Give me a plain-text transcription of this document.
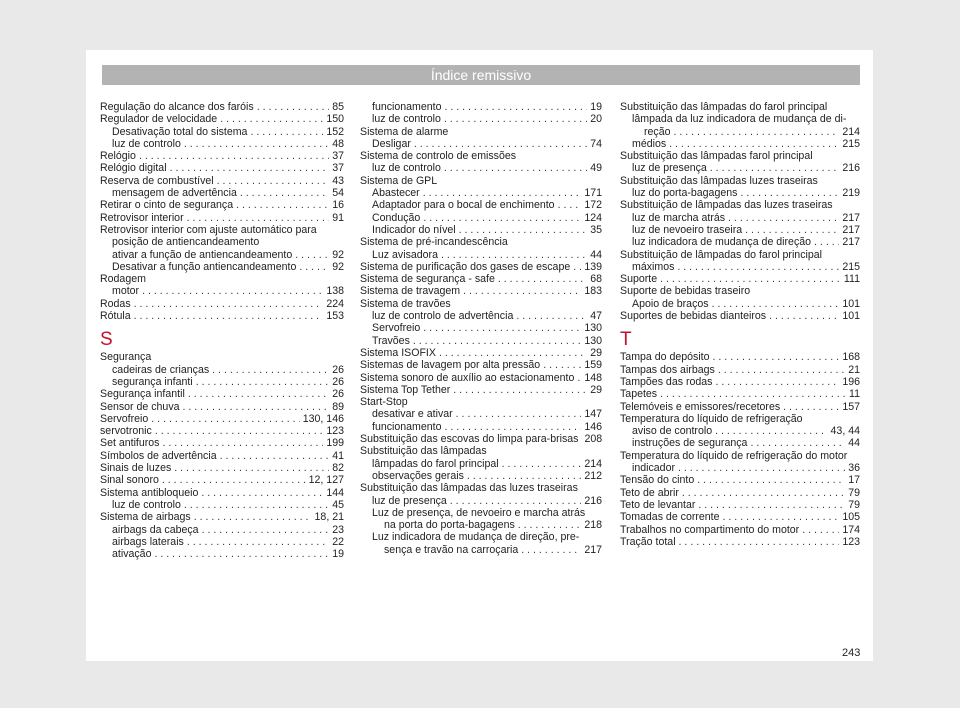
Índice remissivo
Regulação do alcance dos faróis . . .	85
Regulador de velocidade . . .	150
Desativação total do sistema . . .	152
luz de controlo . . .	48
Relógio . . .	37
Relógio digital . . .	37
Reserva de combustível . . .	43
mensagem de advertência . . .	54
Retirar o cinto de segurança . . .	16
Retrovisor interior . . .	91
Retrovisor interior com ajuste automático para
posição de antiencandeamento
ativar a função de antiencandeamento . . .	92
Desativar a função antiencandeamento . . .	92
Rodagem
motor . . .	138
Rodas . . .	224
Rótula . . .	153
S
Segurança
cadeiras de crianças . . .	26
segurança infanti . . .	26
Segurança infantil . . .	26
Sensor de chuva . . .	89
Servofreio . . .	130, 146
servotronic . . .	123
Set antifuros . . .	199
Símbolos de advertência . . .	41
Sinais de luzes . . .	82
Sinal sonoro . . .	12, 127
Sistema antibloqueio . . .	144
luz de controlo . . .	45
Sistema de airbags . . .	18, 21
airbags da cabeça . . .	23
airbags laterais . . .	22
ativação . . .	19
funcionamento . . .	19
luz de controlo . . .	20
Sistema de alarme
Desligar . . .	74
Sistema de controlo de emissões
luz de controlo . . .	49
Sistema de GPL
Abastecer . . .	171
Adaptador para o bocal de enchimento . . .	172
Condução . . .	124
Indicador do nível . . .	35
Sistema de pré-incandescência
Luz avisadora . . .	44
Sistema de purificação dos gases de escape . . . 139
Sistema de segurança - safe . . .	68
Sistema de travagem . . .	183
Sistema de travões
luz de controlo de advertência . . .	47
Servofreio . . .	130
Travões . . .	130
Sistema ISOFIX . . .	29
Sistemas de lavagem por alta pressão . . .	159
Sistema sonoro de auxílio ao estacionamento . . . 148
Sistema Top Tether . . .	29
Start-Stop
desativar e ativar . . .	147
funcionamento . . .	146
Substituição das escovas do limpa para-brisas 208
Substituição das lâmpadas
lâmpadas do farol principal . . .	214
observações gerais . . .	212
Substituição das lâmpadas das luzes traseiras
luz de presença . . .	216
Luz de presença, de nevoeiro e marcha atrás
na porta do porta-bagagens . . .	218
Luz indicadora de mudança de direção, pre-
sença e travão na carroçaria . . .	217
Substituição das lâmpadas do farol principal
lâmpada da luz indicadora de mudança de di-
reção . . .	214
médios . . .	215
Substituição das lâmpadas farol principal
luz de presença . . .	216
Substituição das lâmpadas luzes traseiras
luz do porta-bagagens . . .	219
Substituição de lâmpadas das luzes traseiras
luz de marcha atrás . . .	217
luz de nevoeiro traseira . . .	217
luz indicadora de mudança de direção . . .	217
Substituição de lâmpadas do farol principal
máximos . . .	215
Suporte . . .	111
Suporte de bebidas traseiro
Apoio de braços . . .	101
Suportes de bebidas dianteiros . . .	101
T
Tampa do depósito . . .	168
Tampas dos airbags . . .	21
Tampões das rodas . . .	196
Tapetes . . .	11
Telemóveis e emissores/recetores . . .	157
Temperatura do líquido de refrigeração
aviso de controlo . . .	43, 44
instruções de segurança . . .	44
Temperatura do líquido de refrigeração do motor
indicador . . .	36
Tensão do cinto . . .	17
Teto de abrir . . .	79
Teto de levantar . . .	79
Tomadas de corrente . . .	105
Trabalhos no compartimento do motor . . .	174
Tração total . . .	123
243
